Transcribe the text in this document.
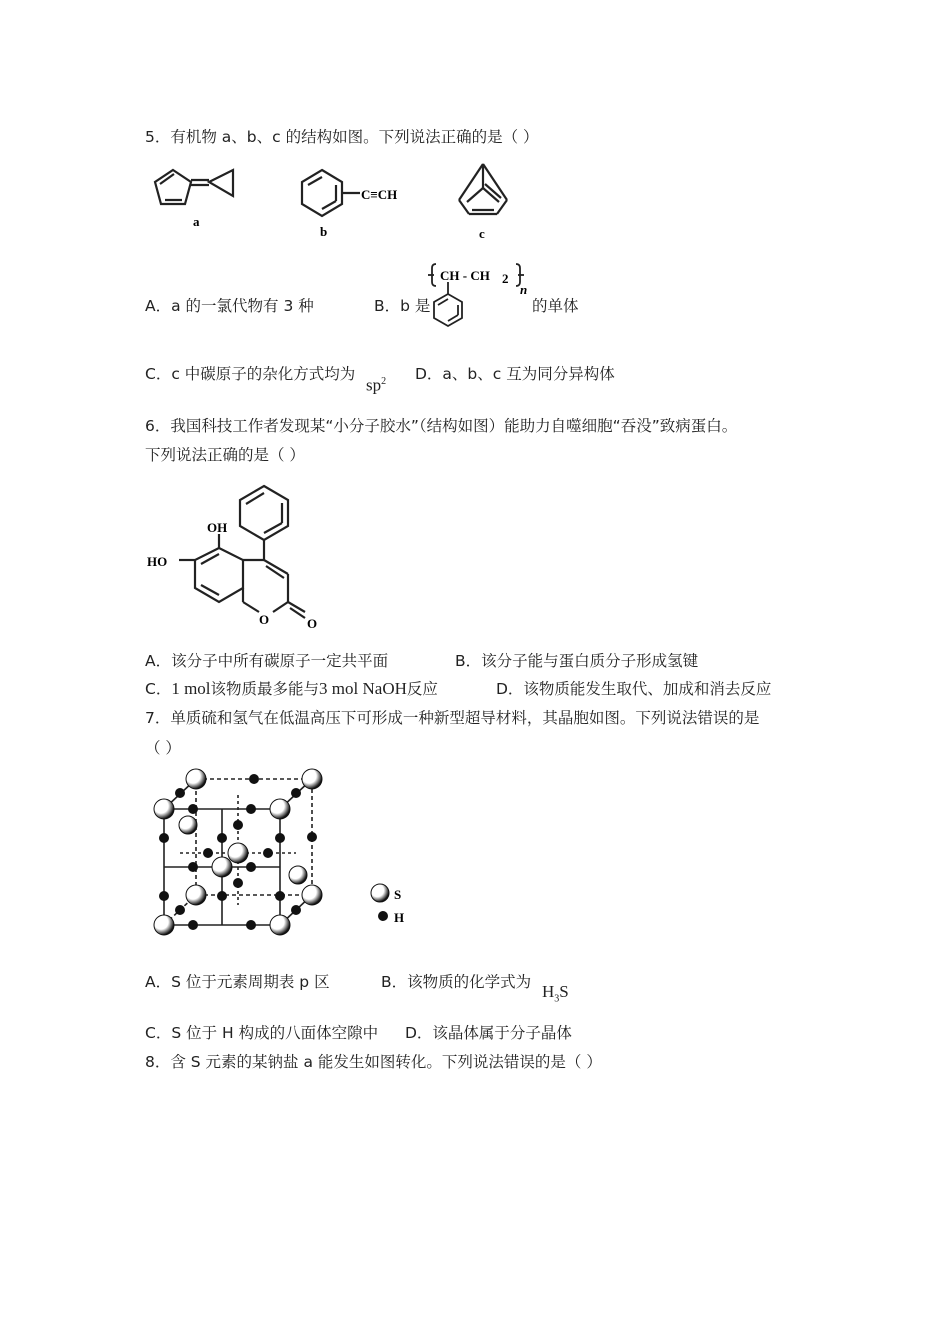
5．有机物 a、b、c 的结构如图。下列说法正确的是（ ）
a
C≡CH
b	c
A．a 的一氯代物有 3 种	B．b 是
CH - CH 2
n
的单体
C．c 中碳原子的杂化方式均为
$sp^2$ D．a、b、c 互为同分异构体
6．我国科技工作者发现某“小分子胶水”（结构如图）能助力自噬细胞“吞没”致病蛋白。
下列说法正确的是（ ）
OH
HO
O	O
A．该分子中所有碳原子一定共平面	B．该分子能与蛋白质分子形成氢键
C．1 mol该物质最多能与3 mol NaOH反应	D．该物质能发生取代、加成和消去反应
7．单质硫和氢气在低温高压下可形成一种新型超导材料，其晶胞如图。下列说法错误的是
（ ）
S
H
A．S 位于元素周期表 p 区	B．该物质的化学式为 $H_3S$
C．S 位于 H 构成的八面体空隙中 D．该晶体属于分子晶体
8．含 S 元素的某钠盐 a 能发生如图转化。下列说法错误的是（ ）
